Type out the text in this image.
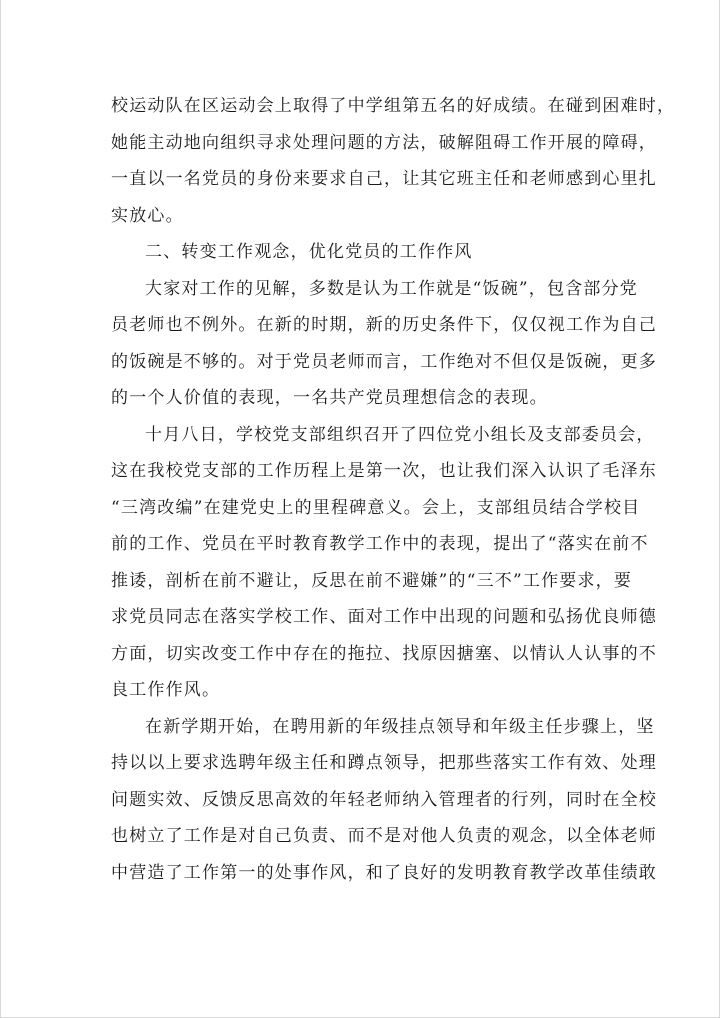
校运动队在区运动会上取得了中学组第五名的好成绩。在碰到困难时，
她能主动地向组织寻求处理问题的方法，破解阻碍工作开展的障碍，
一直以一名党员的身份来要求自己，让其它班主任和老师感到心里扎
实放心。
二、转变工作观念，优化党员的工作作风
大家对工作的见解，多数是认为工作就是“饭碗”，包含部分党
员老师也不例外。在新的时期，新的历史条件下，仅仅视工作为自己
的饭碗是不够的。对于党员老师而言，工作绝对不但仅是饭碗，更多
的一个人价值的表现，一名共产党员理想信念的表现。
十月八日，学校党支部组织召开了四位党小组长及支部委员会，
这在我校党支部的工作历程上是第一次，也让我们深入认识了毛泽东
“三湾改编”在建党史上的里程碑意义。会上，支部组员结合学校目
前的工作、党员在平时教育教学工作中的表现，提出了“落实在前不
推诿，剖析在前不避让，反思在前不避嫌”的“三不”工作要求，要
求党员同志在落实学校工作、面对工作中出现的问题和弘扬优良师德
方面，切实改变工作中存在的拖拉、找原因搪塞、以情认人认事的不
良工作作风。
在新学期开始，在聘用新的年级挂点领导和年级主任步骤上，坚
持以以上要求选聘年级主任和蹲点领导，把那些落实工作有效、处理
问题实效、反馈反思高效的年轻老师纳入管理者的行列，同时在全校
也树立了工作是对自己负责、而不是对他人负责的观念，以全体老师
中营造了工作第一的处事作风，和了良好的发明教育教学改革佳绩敢
